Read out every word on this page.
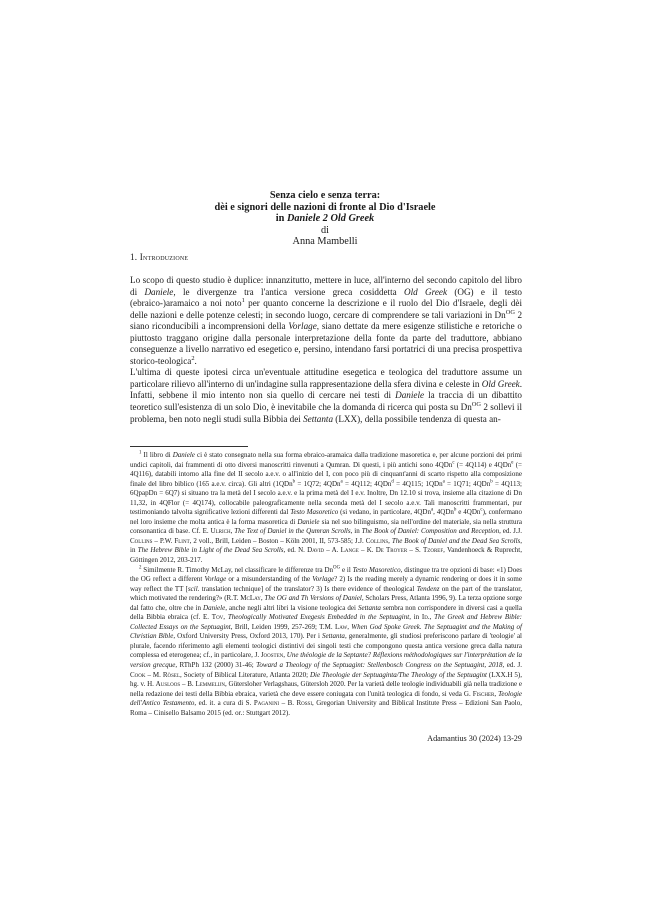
Senza cielo e senza terra:
dèi e signori delle nazioni di fronte al Dio d'Israele
in Daniele 2 Old Greek
di
Anna Mambelli
1. Introduzione

Lo scopo di questo studio è duplice: innanzitutto, mettere in luce, all'interno del secondo capitolo del libro di Daniele, le divergenze tra l'antica versione greca cosiddetta Old Greek (OG) e il testo (ebraico-)aramaico a noi noto$^1$ per quanto concerne la descrizione e il ruolo del Dio d'Israele, degli dèi delle nazioni e delle potenze celesti; in secondo luogo, cercare di comprendere se tali variazioni in $Dn^{OG}$ 2 siano riconducibili a incomprensioni della Vorlage, siano dettate da mere esigenze stilistiche e retoriche o piuttosto traggano origine dalla personale interpretazione della fonte da parte del traduttore, abbiano conseguenze a livello narrativo ed esegetico e, persino, intendano farsi portatrici di una precisa prospettiva storico-teologica$^2$.

L'ultima di queste ipotesi circa un'eventuale attitudine esegetica e teologica del traduttore assume un particolare rilievo all'interno di un'indagine sulla rappresentazione della sfera divina e celeste in Old Greek. Infatti, sebbene il mio intento non sia quello di cercare nei testi di Daniele la traccia di un dibattito teoretico sull'esistenza di un solo Dio, è inevitabile che la domanda di ricerca qui posta su $Dn^{OG}$ 2 sollevi il problema, ben noto negli studi sulla Bibbia dei Settanta (LXX), della possibile tendenza di questa an-

$^1$ Il libro di Daniele ci è stato consegnato nella sua forma ebraico-aramaica dalla tradizione masoretica e, per alcune porzioni dei primi undici capitoli, dai frammenti di otto diversi manoscritti rinvenuti a Qumran. Di questi, i più antichi sono 4QDn$^c$ (= 4Q114) e 4QDn$^e$ (= 4Q116), databili intorno alla fine del II secolo a.e.v. o all'inizio del I, con poco più di cinquant'anni di scarto rispetto alla composizione finale del libro biblico (165 a.e.v. circa). Gli altri (1QDn$^b$ = 1Q72; 4QDn$^a$ = 4Q112; 4QDn$^d$ = 4Q115; 1QDn$^a$ = 1Q71; 4QDn$^b$ = 4Q113; 6QpapDn = 6Q7) si situano tra la metà del I secolo a.e.v. e la prima metà del I e.v. Inoltre, Dn 12.10 si trova, insieme alla citazione di Dn 11,32, in 4QFlor (= 4Q174), collocabile paleograficamente nella seconda metà del I secolo a.e.v. Tali manoscritti frammentari, pur testimoniando talvolta significative lezioni differenti dal Testo Masoretico (si vedano, in particolare, 4QDn$^a$, 4QDn$^b$ e 4QDn$^c$), confermano nel loro insieme che molta antica è la forma masoretica di Daniele sia nel suo bilinguismo, sia nell'ordine del materiale, sia nella struttura consonantica di base. Cf. E. Ulrich, The Text of Daniel in the Qumran Scrolls, in The Book of Daniel: Composition and Reception, ed. J.J. Collins – P.W. Flint, 2 voll., Brill, Leiden – Boston – Köln 2001, II, 573-585; J.J. Collins, The Book of Daniel and the Dead Sea Scrolls, in The Hebrew Bible in Light of the Dead Sea Scrolls, ed. N. David – A. Lange – K. De Troyer – S. Tzoref, Vandenhoeck & Ruprecht, Göttingen 2012, 203-217.

$^2$ Similmente R. Timothy McLay, nel classificare le differenze tra $Dn^{OG}$ e il Testo Masoretico, distingue tra tre opzioni di base: «1) Does the OG reflect a different Vorlage or a misunderstanding of the Vorlage? 2) Is the reading merely a dynamic rendering or does it in some way reflect the TT [scil. translation technique] of the translator? 3) Is there evidence of theological Tendenz on the part of the translator, which motivated the rendering?» (R.T. McLay, The OG and Th Versions of Daniel, Scholars Press, Atlanta 1996, 9). La terza opzione sorge dal fatto che, oltre che in Daniele, anche negli altri libri la visione teologica dei Settanta sembra non corrispondere in diversi casi a quella della Bibbia ebraica (cf. E. Tov, Theologically Motivated Exegesis Embedded in the Septuagint, in Id., The Greek and Hebrew Bible: Collected Essays on the Septuagint, Brill, Leiden 1999, 257-269; T.M. Law, When God Spoke Greek. The Septuagint and the Making of Christian Bible, Oxford University Press, Oxford 2013, 170). Per i Settanta, generalmente, gli studiosi preferiscono parlare di 'teologie' al plurale, facendo riferimento agli elementi teologici distintivi dei singoli testi che compongono questa antica versione greca dalla natura complessa ed eterogenea; cf., in particolare, J. Joosten, Une théologie de la Septante? Réflexions méthodologiques sur l'interprétation de la version grecque, RThPh 132 (2000) 31-46; Toward a Theology of the Septuagint: Stellenbosch Congress on the Septuagint, 2018, ed. J. Cook – M. Rösel, Society of Biblical Literature, Atlanta 2020; Die Theologie der Septuaginta/The Theology of the Septuagint (LXX.H 5), hg. v. H. Ausloos – B. Lemmelijn, Gütersloher Verlagshaus, Gütersloh 2020. Per la varietà delle teologie individuabili già nella tradizione e nella redazione dei testi della Bibbia ebraica, varietà che deve essere coniugata con l'unità teologica di fondo, si veda G. Fischer, Teologie dell'Antico Testamento, ed. it. a cura di S. Paganini – B. Rossi, Gregorian University and Biblical Institute Press – Edizioni San Paolo, Roma – Cinisello Balsamo 2015 (ed. or.: Stuttgart 2012).

Adamantius 30 (2024) 13-29
